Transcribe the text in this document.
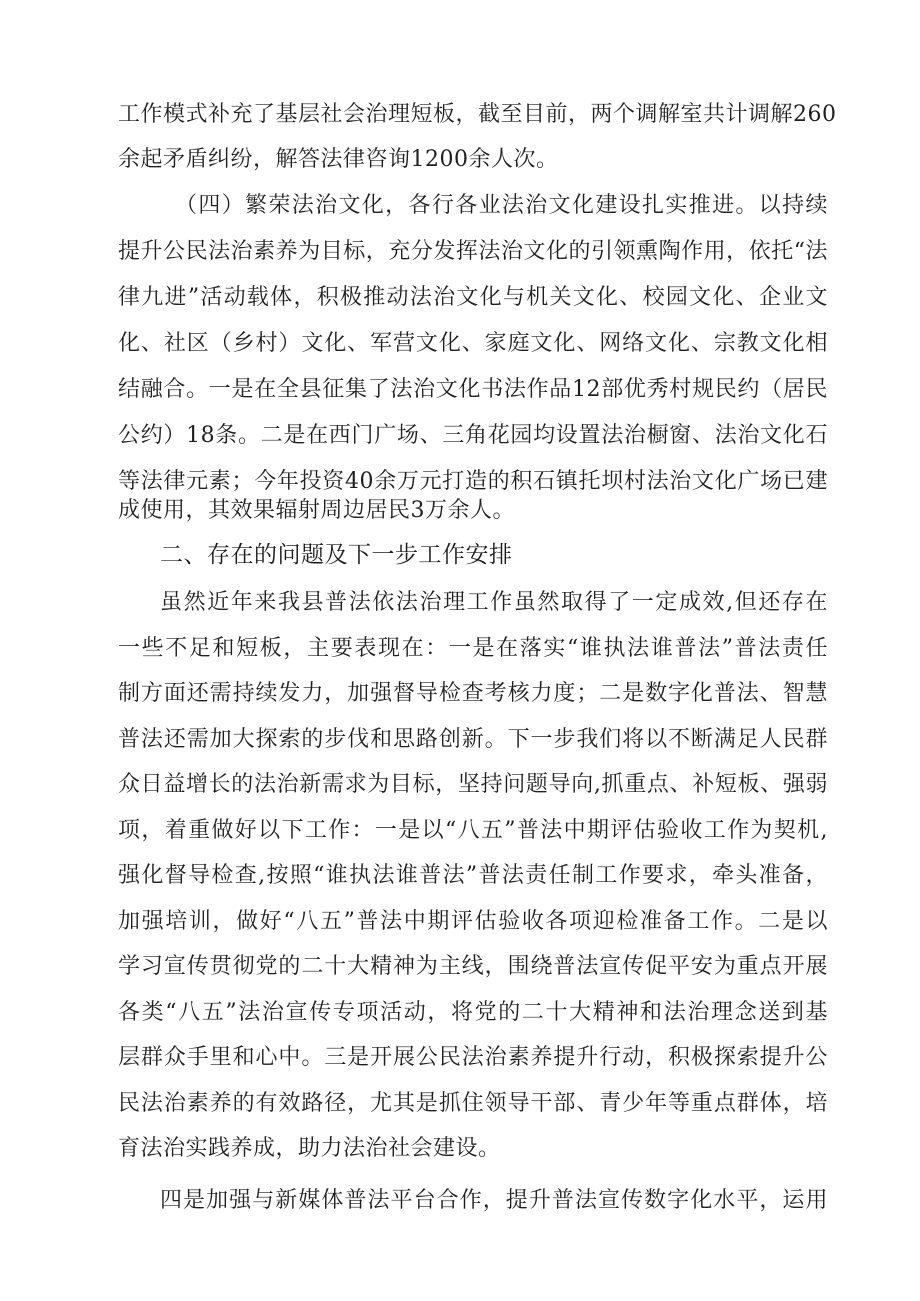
工作模式补充了基层社会治理短板，截至目前，两个调解室共计调解260
余起矛盾纠纷，解答法律咨询1200余人次。
（四）繁荣法治文化，各行各业法治文化建设扎实推进。以持续
提升公民法治素养为目标，充分发挥法治文化的引领熏陶作用，依托“法
律九进”活动载体，积极推动法治文化与机关文化、校园文化、企业文
化、社区（乡村）文化、军营文化、家庭文化、网络文化、宗教文化相
结融合。一是在全县征集了法治文化书法作品12部优秀村规民约（居民
公约）18条。二是在西门广场、三角花园均设置法治橱窗、法治文化石
等法律元素；今年投资40余万元打造的积石镇托坝村法治文化广场已建
成使用，其效果辐射周边居民3万余人。
二、存在的问题及下一步工作安排
虽然近年来我县普法依法治理工作虽然取得了一定成效,但还存在
一些不足和短板，主要表现在：一是在落实“谁执法谁普法”普法责任
制方面还需持续发力，加强督导检查考核力度；二是数字化普法、智慧
普法还需加大探索的步伐和思路创新。下一步我们将以不断满足人民群
众日益增长的法治新需求为目标，坚持问题导向,抓重点、补短板、强弱
项，着重做好以下工作：一是以“八五”普法中期评估验收工作为契机,
强化督导检查,按照“谁执法谁普法”普法责任制工作要求，牵头准备，
加强培训，做好“八五”普法中期评估验收各项迎检准备工作。二是以
学习宣传贯彻党的二十大精神为主线，围绕普法宣传促平安为重点开展
各类“八五”法治宣传专项活动，将党的二十大精神和法治理念送到基
层群众手里和心中。三是开展公民法治素养提升行动，积极探索提升公
民法治素养的有效路径，尤其是抓住领导干部、青少年等重点群体，培
育法治实践养成，助力法治社会建设。
四是加强与新媒体普法平台合作，提升普法宣传数字化水平，运用
